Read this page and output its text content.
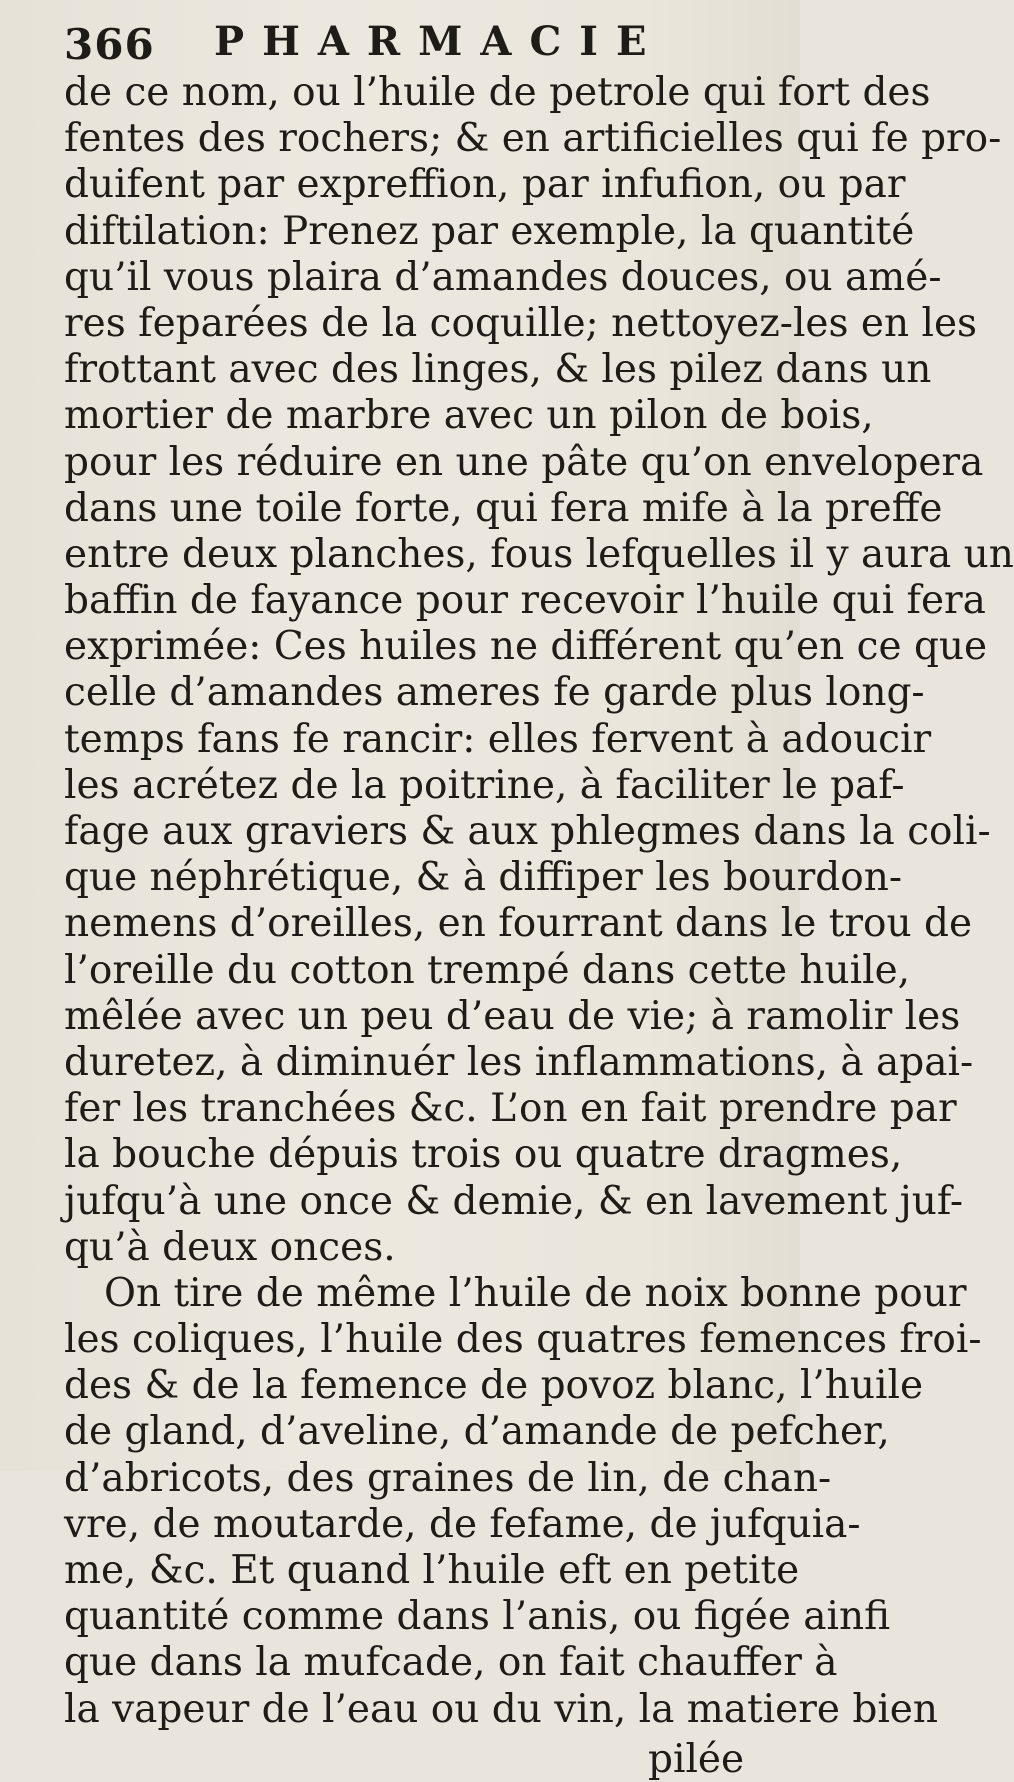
366 PHARMACIE
de ce nom, ou l’huile de petrole qui fort des
fentes des rochers; & en artificielles qui fe pro-
duifent par expreffion, par infufion, ou par
diftilation: Prenez par exemple, la quantité
qu’il vous plaira d’amandes douces, ou amé-
res feparées de la coquille; nettoyez-les en les
frottant avec des linges, & les pilez dans un
mortier de marbre avec un pilon de bois,
pour les réduire en une pâte qu’on envelopera
dans une toile forte, qui fera mife à la preffe
entre deux planches, fous lefquelles il y aura un
baffin de fayance pour recevoir l’huile qui fera
exprimée: Ces huiles ne différent qu’en ce que
celle d’amandes ameres fe garde plus long-
temps fans fe rancir: elles fervent à adoucir
les acrétez de la poitrine, à faciliter le paf-
fage aux graviers & aux phlegmes dans la coli-
que néphrétique, & à diffiper les bourdon-
nemens d’oreilles, en fourrant dans le trou de
l’oreille du cotton trempé dans cette huile,
mêlée avec un peu d’eau de vie; à ramolir les
duretez, à diminuér les inflammations, à apai-
fer les tranchées &c. L’on en fait prendre par
la bouche dépuis trois ou quatre dragmes,
jufqu’à une once & demie, & en lavement juf-
qu’à deux onces.
On tire de même l’huile de noix bonne pour
les coliques, l’huile des quatres femences froi-
des & de la femence de povoz blanc, l’huile
de gland, d’aveline, d’amande de pefcher,
d’abricots, des graines de lin, de chan-
vre, de moutarde, de fefame, de jufquia-
me, &c. Et quand l’huile eft en petite
quantité comme dans l’anis, ou figée ainfi
que dans la mufcade, on fait chauffer à
la vapeur de l’eau ou du vin, la matiere bien
pilée
